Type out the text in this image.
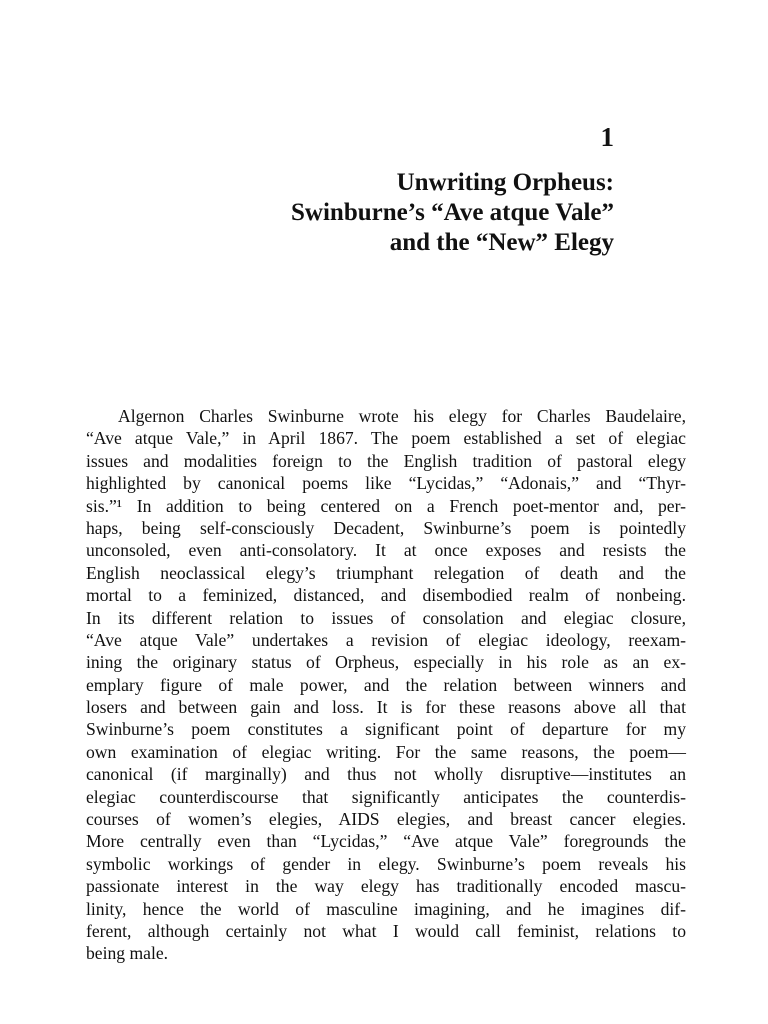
1
Unwriting Orpheus:
Swinburne’s “Ave atque Vale”
and the “New” Elegy
Algernon Charles Swinburne wrote his elegy for Charles Baudelaire,
“Ave atque Vale,” in April 1867. The poem established a set of elegiac
issues and modalities foreign to the English tradition of pastoral elegy
highlighted by canonical poems like “Lycidas,” “Adonais,” and “Thyr-
sis.”¹ In addition to being centered on a French poet-mentor and, per-
haps, being self-consciously Decadent, Swinburne’s poem is pointedly
unconsoled, even anti-consolatory. It at once exposes and resists the
English neoclassical elegy’s triumphant relegation of death and the
mortal to a feminized, distanced, and disembodied realm of nonbeing.
In its different relation to issues of consolation and elegiac closure,
“Ave atque Vale” undertakes a revision of elegiac ideology, reexam-
ining the originary status of Orpheus, especially in his role as an ex-
emplary figure of male power, and the relation between winners and
losers and between gain and loss. It is for these reasons above all that
Swinburne’s poem constitutes a significant point of departure for my
own examination of elegiac writing. For the same reasons, the poem—
canonical (if marginally) and thus not wholly disruptive—institutes an
elegiac counterdiscourse that significantly anticipates the counterdis-
courses of women’s elegies, AIDS elegies, and breast cancer elegies.
More centrally even than “Lycidas,” “Ave atque Vale” foregrounds the
symbolic workings of gender in elegy. Swinburne’s poem reveals his
passionate interest in the way elegy has traditionally encoded mascu-
linity, hence the world of masculine imagining, and he imagines dif-
ferent, although certainly not what I would call feminist, relations to
being male.
